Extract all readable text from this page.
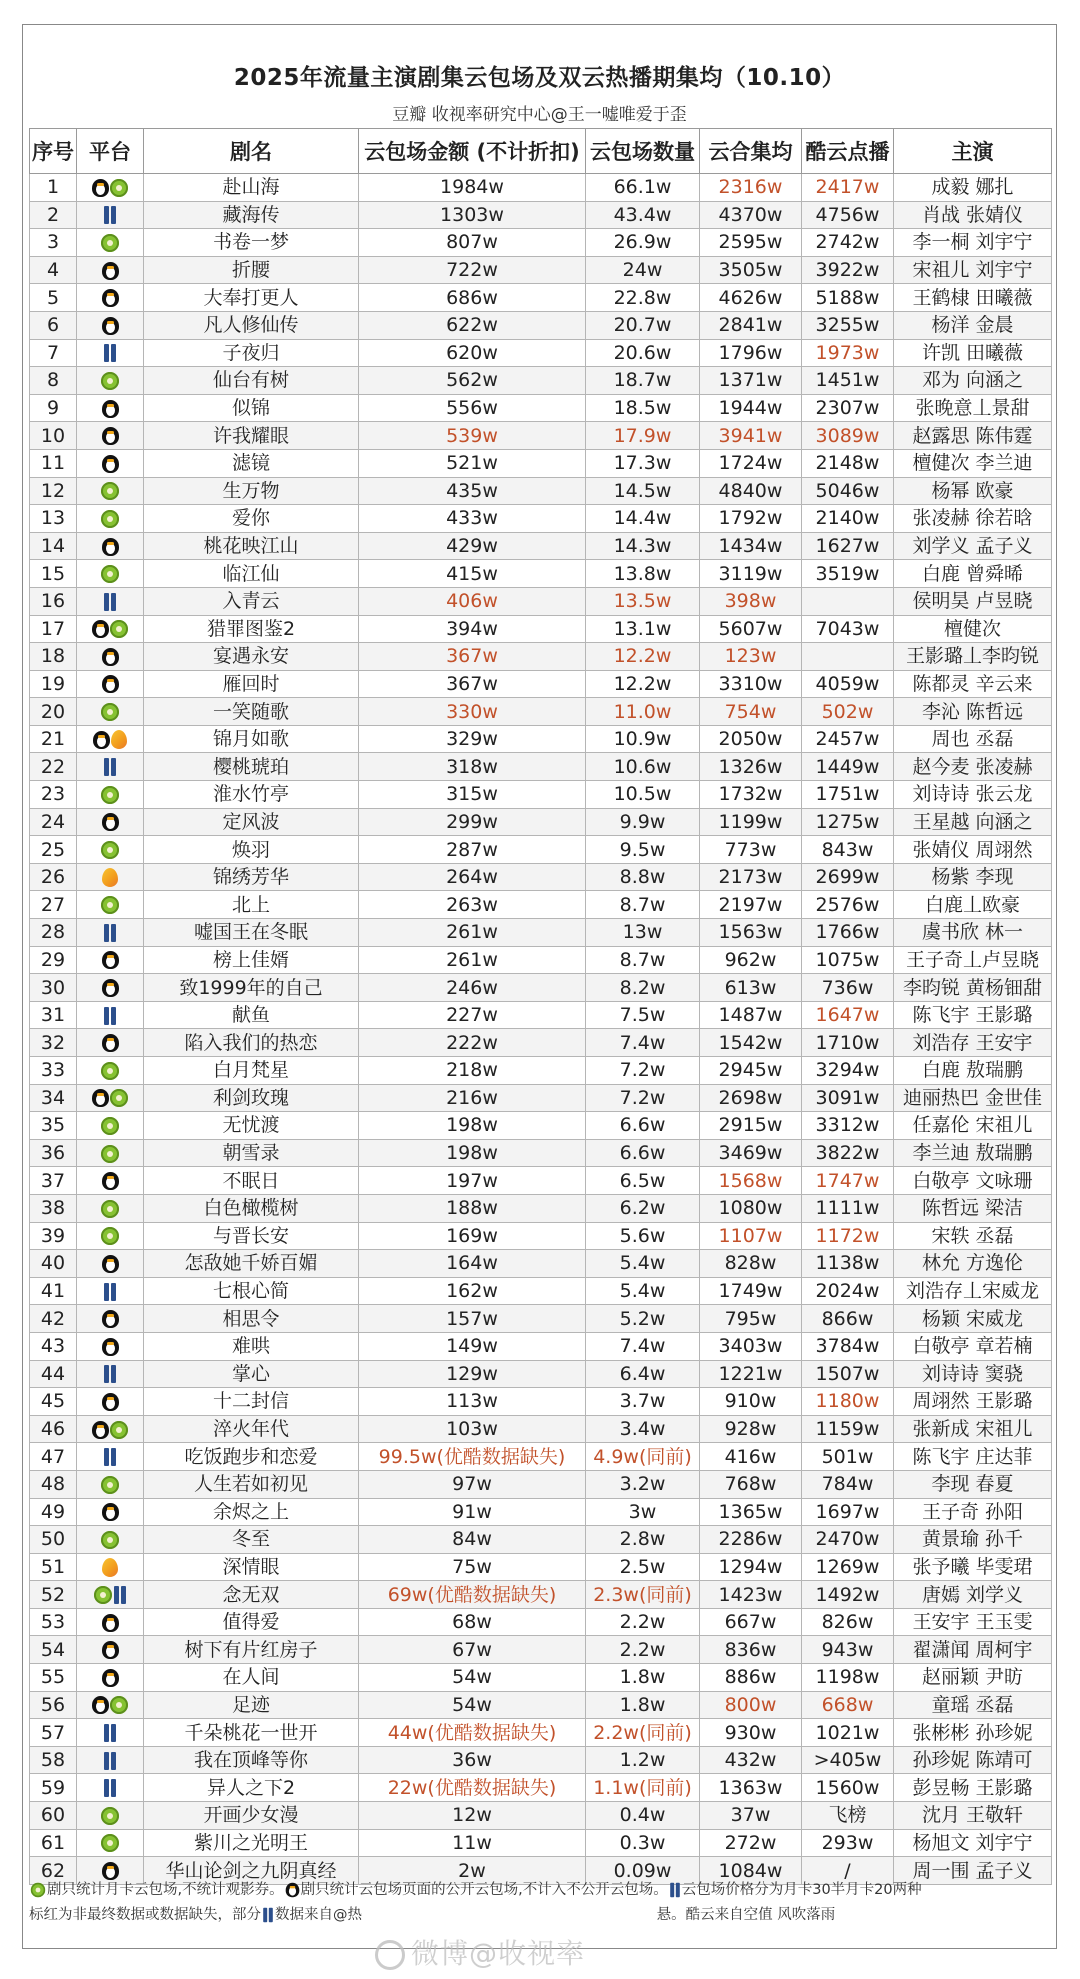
2025年流量主演剧集云包场及双云热播期集均（10.10）
豆瓣 收视率研究中心@王一嘘唯爱于歪
序号	平台	剧名	云包场金额 (不计折扣)	云包场数量	云合集均	酷云点播	主演
1		赴山海	1984w	66.1w	2316w	2417w	成毅 娜扎
2		藏海传	1303w	43.4w	4370w	4756w	肖战 张婧仪
3		书卷一梦	807w	26.9w	2595w	2742w	李一桐 刘宇宁
4		折腰	722w	24w	3505w	3922w	宋祖儿 刘宇宁
5		大奉打更人	686w	22.8w	4626w	5188w	王鹤棣 田曦薇
6		凡人修仙传	622w	20.7w	2841w	3255w	杨洋 金晨
7		子夜归	620w	20.6w	1796w	1973w	许凯 田曦薇
8		仙台有树	562w	18.7w	1371w	1451w	邓为 向涵之
9		似锦	556w	18.5w	1944w	2307w	张晚意丄景甜
10		许我耀眼	539w	17.9w	3941w	3089w	赵露思 陈伟霆
11		滤镜	521w	17.3w	1724w	2148w	檀健次 李兰迪
12		生万物	435w	14.5w	4840w	5046w	杨幂 欧豪
13		爱你	433w	14.4w	1792w	2140w	张凌赫 徐若晗
14		桃花映江山	429w	14.3w	1434w	1627w	刘学义 孟子义
15		临江仙	415w	13.8w	3119w	3519w	白鹿 曾舜晞
16		入青云	406w	13.5w	398w		侯明昊 卢昱晓
17		猎罪图鉴2	394w	13.1w	5607w	7043w	檀健次
18		宴遇永安	367w	12.2w	123w		王影璐丄李昀锐
19		雁回时	367w	12.2w	3310w	4059w	陈都灵 辛云来
20		一笑随歌	330w	11.0w	754w	502w	李沁 陈哲远
21		锦月如歌	329w	10.9w	2050w	2457w	周也 丞磊
22		樱桃琥珀	318w	10.6w	1326w	1449w	赵今麦 张凌赫
23		淮水竹亭	315w	10.5w	1732w	1751w	刘诗诗 张云龙
24		定风波	299w	9.9w	1199w	1275w	王星越 向涵之
25		焕羽	287w	9.5w	773w	843w	张婧仪 周翊然
26		锦绣芳华	264w	8.8w	2173w	2699w	杨紫 李现
27		北上	263w	8.7w	2197w	2576w	白鹿丄欧豪
28		嘘国王在冬眠	261w	13w	1563w	1766w	虞书欣 林一
29		榜上佳婿	261w	8.7w	962w	1075w	王子奇丄卢昱晓
30		致1999年的自己	246w	8.2w	613w	736w	李昀锐 黄杨钿甜
31		献鱼	227w	7.5w	1487w	1647w	陈飞宇 王影璐
32		陷入我们的热恋	222w	7.4w	1542w	1710w	刘浩存 王安宇
33		白月梵星	218w	7.2w	2945w	3294w	白鹿 敖瑞鹏
34		利剑玫瑰	216w	7.2w	2698w	3091w	迪丽热巴 金世佳
35		无忧渡	198w	6.6w	2915w	3312w	任嘉伦 宋祖儿
36		朝雪录	198w	6.6w	3469w	3822w	李兰迪 敖瑞鹏
37		不眠日	197w	6.5w	1568w	1747w	白敬亭 文咏珊
38		白色橄榄树	188w	6.2w	1080w	1111w	陈哲远 梁洁
39		与晋长安	169w	5.6w	1107w	1172w	宋轶 丞磊
40		怎敌她千娇百媚	164w	5.4w	828w	1138w	林允 方逸伦
41		七根心简	162w	5.4w	1749w	2024w	刘浩存丄宋威龙
42		相思令	157w	5.2w	795w	866w	杨颖 宋威龙
43		难哄	149w	7.4w	3403w	3784w	白敬亭 章若楠
44		掌心	129w	6.4w	1221w	1507w	刘诗诗 窦骁
45		十二封信	113w	3.7w	910w	1180w	周翊然 王影璐
46		淬火年代	103w	3.4w	928w	1159w	张新成 宋祖儿
47		吃饭跑步和恋爱	99.5w(优酷数据缺失)	4.9w(同前)	416w	501w	陈飞宇 庄达菲
48		人生若如初见	97w	3.2w	768w	784w	李现 春夏
49		余烬之上	91w	3w	1365w	1697w	王子奇 孙阳
50		冬至	84w	2.8w	2286w	2470w	黄景瑜 孙千
51		深情眼	75w	2.5w	1294w	1269w	张予曦 毕雯珺
52		念无双	69w(优酷数据缺失)	2.3w(同前)	1423w	1492w	唐嫣 刘学义
53		值得爱	68w	2.2w	667w	826w	王安宇 王玉雯
54		树下有片红房子	67w	2.2w	836w	943w	翟潇闻 周柯宇
55		在人间	54w	1.8w	886w	1198w	赵丽颖 尹昉
56		足迹	54w	1.8w	800w	668w	童瑶 丞磊
57		千朵桃花一世开	44w(优酷数据缺失)	2.2w(同前)	930w	1021w	张彬彬 孙珍妮
58		我在顶峰等你	36w	1.2w	432w	>405w	孙珍妮 陈靖可
59		异人之下2	22w(优酷数据缺失)	1.1w(同前)	1363w	1560w	彭昱畅 王影璐
60		开画少女漫	12w	0.4w	37w	飞榜	沈月 王敬轩
61		紫川之光明王	11w	0.3w	272w	293w	杨旭文 刘宇宁
62		华山论剑之九阴真经	2w	0.09w	1084w	/	周一围 孟子义
剧只统计月卡云包场,不统计观影券。 剧只统计云包场页面的公开云包场,不计入不公开云包场。 云包场价格分为月卡30半月卡20两种
标红为非最终数据或数据缺失，部分 数据来自@热	悬。酷云来自空值 风吹落雨
微博@收视率
